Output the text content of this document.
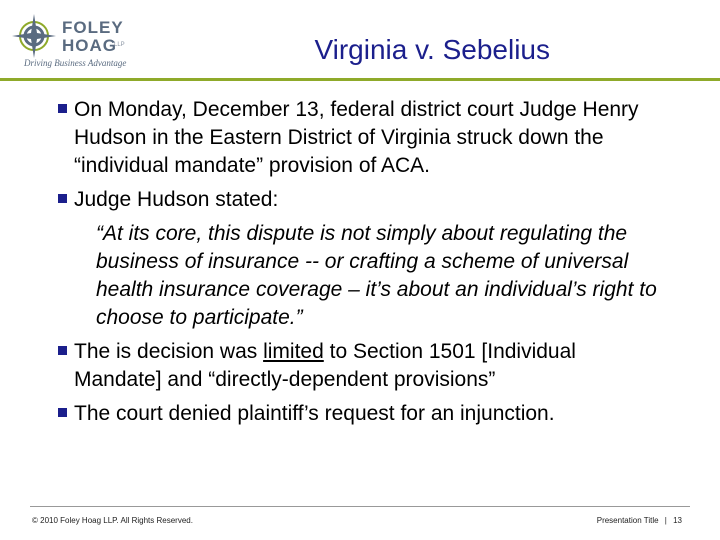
FOLEY
HOAG
LLP
Driving Business Advantage	Virginia v. Sebelius
On Monday, December 13, federal district court Judge Henry Hudson in the Eastern District of Virginia struck down the “individual mandate” provision of ACA.
Judge Hudson stated:
“At its core, this dispute is not simply about regulating the business of insurance -- or crafting a scheme of universal health insurance coverage – it’s about an individual’s right to choose to participate.”
The is decision was limited to Section 1501 [Individual Mandate] and “directly-dependent provisions”
The court denied plaintiff’s request for an injunction.
© 2010 Foley Hoag LLP. All Rights Reserved.	Presentation Title | 13
